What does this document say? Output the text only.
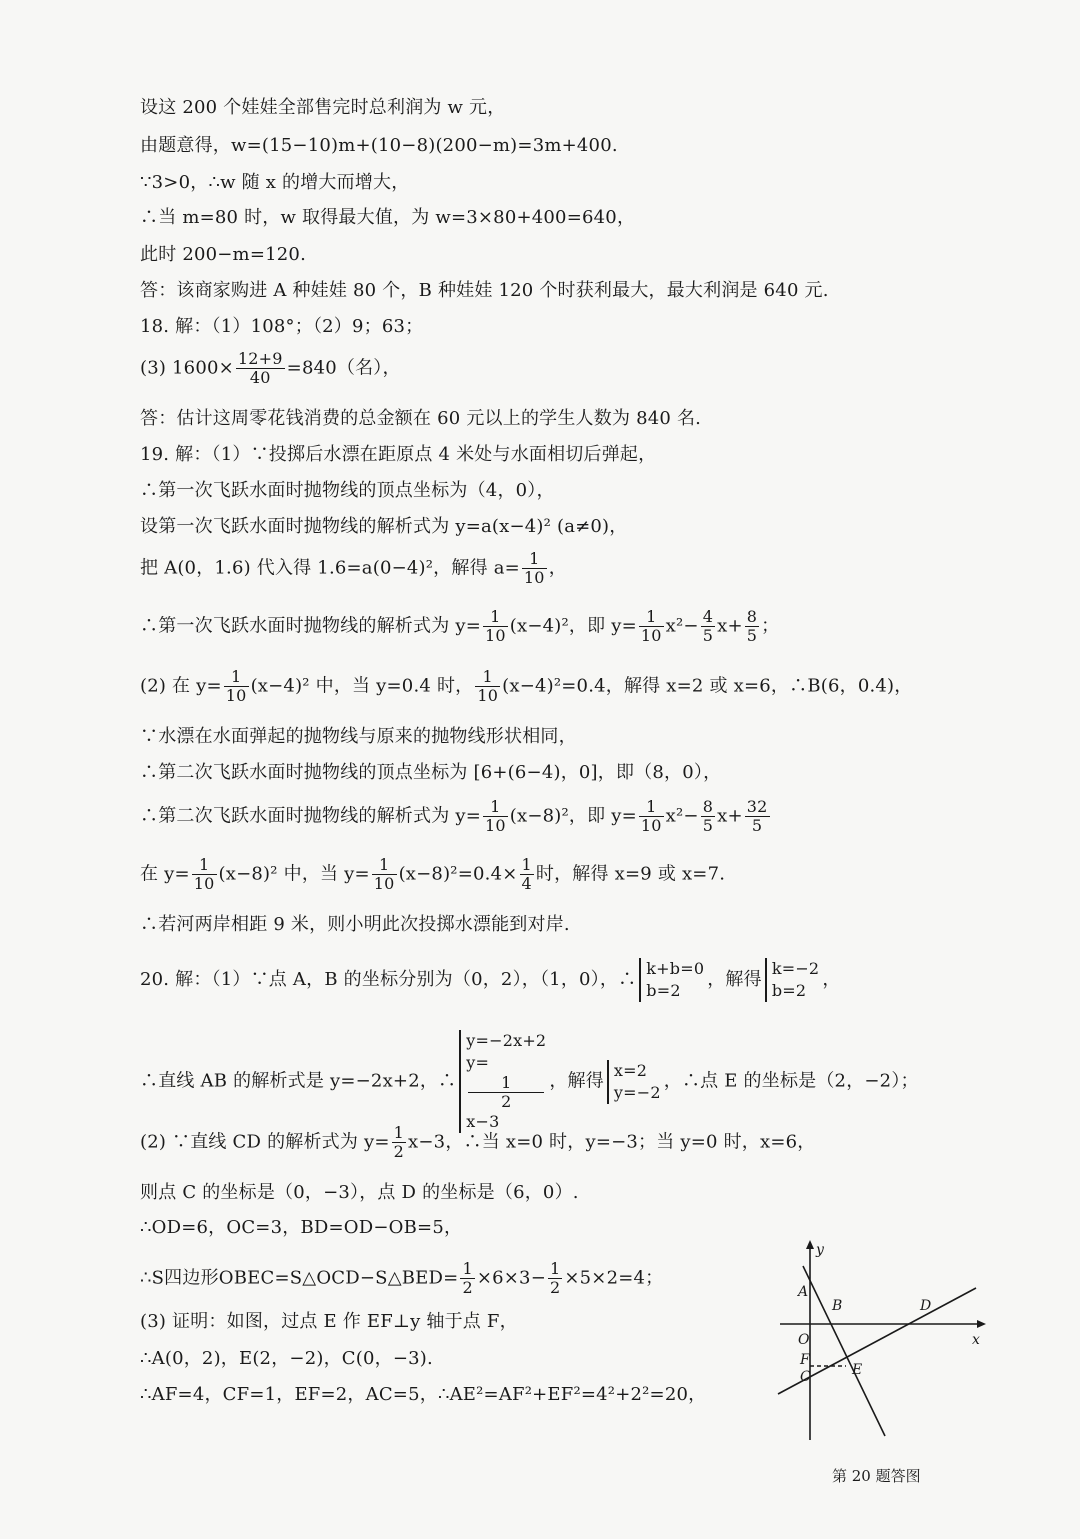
设这 200 个娃娃全部售完时总利润为 w 元，
由题意得，w=(15−10)m+(10−8)(200−m)=3m+400.
∵3>0，∴w 随 x 的增大而增大，
∴当 m=80 时，w 取得最大值，为 w=3×80+400=640，
此时 200−m=120.
答：该商家购进 A 种娃娃 80 个，B 种娃娃 120 个时获利最大，最大利润是 640 元.
18. 解：（1）108°；（2）9；63；
(3) $1600\times \frac{12+9}{40} =840$（名），
答：估计这周零花钱消费的总金额在 60 元以上的学生人数为 840 名.
19. 解：（1）∵投掷后水漂在距原点 4 米处与水面相切后弹起，
∴第一次飞跃水面时抛物线的顶点坐标为（4，0），
设第一次飞跃水面时抛物线的解析式为 y=a(x−4)² (a≠0)，
把 A(0，1.6) 代入得 1.6=a(0−4)²，解得 $a= \frac{1}{10}$ ，
∴第一次飞跃水面时抛物线的解析式为 $y= \frac{1}{10} (x-4)^2$，即 $y= \frac{1}{10} x^2- \frac{4}{5} x+ \frac{8}{5}$ ；
(2) 在 $y= \frac{1}{10} (x-4)^2$ 中，当 y=0.4 时， $\frac{1}{10} (x-4)^2=0.4$，解得 x=2 或 x=6，∴B(6，0.4)，
∵水漂在水面弹起的抛物线与原来的抛物线形状相同，
∴第二次飞跃水面时抛物线的顶点坐标为 [6+(6−4)，0]，即（8，0），
∴第二次飞跃水面时抛物线的解析式为 $y= \frac{1}{10} (x-8)^2$，即 $y= \frac{1}{10} x^2- \frac{8}{5} x+ \frac{32}{5}$
在 $y= \frac{1}{10} (x-8)^2$ 中，当 $y= \frac{1}{10} (x-8)^2=0.4\times \frac{1}{4}$ 时，解得 x=9 或 x=7.
∴若河两岸相距 9 米，则小明此次投掷水漂能到对岸.
20. 解：（1）∵点 A，B 的坐标分别为（0，2），（1，0），∴
k+b=0
b=2
，解得
k=−2
b=2
，
∴直线 AB 的解析式是 y=−2x+2，∴
y=−2x+2
y=
1
2
x−3
，解得
x=2
y=−2
，∴点 E 的坐标是（2，−2）；
(2) ∵直线 CD 的解析式为 $y= \frac{1}{2} x-3$，∴当 x=0 时，y=−3；当 y=0 时，x=6，
则点 C 的坐标是（0，−3），点 D 的坐标是（6，0）.
∴OD=6，OC=3，BD=OD−OB=5，
∴S四边形OBEC=S△OCD−S△BED= $\frac{1}{2} \times 6\times 3- \frac{1}{2} \times 5\times 2=4$；
(3) 证明：如图，过点 E 作 EF⊥y 轴于点 F，
∴A(0，2)，E(2，−2)，C(0，−3).
∴AF=4，CF=1，EF=2，AC=5，∴AE²=AF²+EF²=4²+2²=20，
y
x
A
B	D
O
F
C	E
第 20 题答图
